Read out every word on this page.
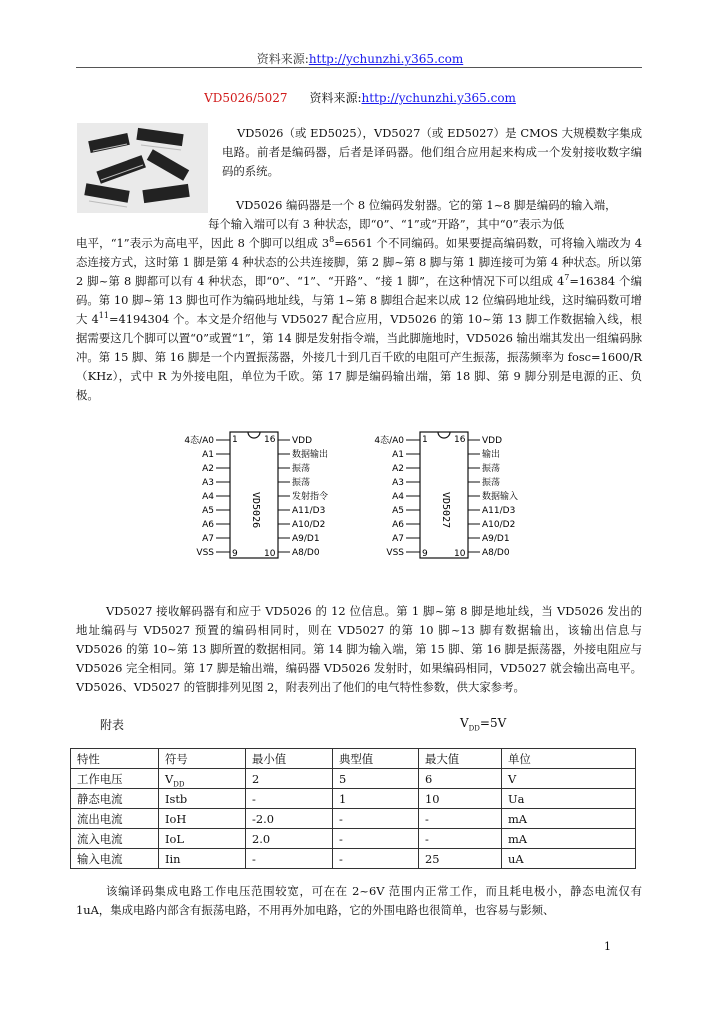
资料来源:http://ychunzhi.y365.com
VD5026/5027 资料来源:http://ychunzhi.y365.com
VD5026（或 ED5025），VD5027（或 ED5027）是 CMOS 大规模数字集成电路。前者是编码器，后者是译码器。他们组合应用起来构成一个发射接收数字编码的系统。
VD5026 编码器是一个 8 位编码发射器。它的第 1~8 脚是编码的输入端，
每个输入端可以有 3 种状态，即“0”、“1”或“开路”，其中“0”表示为低
电平，“1”表示为高电平，因此 8 个脚可以组成 $3^8=6561$ 个不同编码。如果要提高编码数，可将输入端改为 4 态连接方式，这时第 1 脚是第 4 种状态的公共连接脚，第 2 脚~第 8 脚与第 1 脚连接可为第 4 种状态。所以第 2 脚~第 8 脚都可以有 4 种状态，即“0”、“1”、“开路”、“接 1 脚”，在这种情况下可以组成 $4^7=16384$ 个编码。第 10 脚~第 13 脚也可作为编码地址线，与第 1~第 8 脚组合起来以成 12 位编码地址线，这时编码数可增大 $4^{11}=4194304$ 个。本文是介绍他与 VD5027 配合应用，VD5026 的第 10~第 13 脚工作数据输入线，根据需要这几个脚可以置“0”或置“1”，第 14 脚是发射指令端，当此脚施地时，VD5026 输出端其发出一组编码脉冲。第 15 脚、第 16 脚是一个内置振荡器，外接几十到几百千欧的电阻可产生振荡，振荡频率为 fosc=1600/R（KHz），式中 R 为外接电阻，单位为千欧。第 17 脚是编码输出端，第 18 脚、第 9 脚分别是电源的正、负极。
VD5026
1	16
9	10
4态/A0
A1
A2
A3
A4
A5
A6
A7
VSS
VDD
数据输出
振荡
振荡
发射指令
A11/D3
A10/D2
A9/D1
A8/D0
VD5027
1	16
9	10
4态/A0
A1
A2
A3
A4
A5
A6
A7
VSS
VDD
输出
振荡
振荡
数据输入
A11/D3
A10/D2
A9/D1
A8/D0
VD5027 接收解码器有和应于 VD5026 的 12 位信息。第 1 脚~第 8 脚是地址线，当 VD5026 发出的地址编码与 VD5027 预置的编码相同时，则在 VD5027 的第 10 脚~13 脚有数据输出，该输出信息与 VD5026 的第 10~第 13 脚所置的数据相同。第 14 脚为输入端，第 15 脚、第 16 脚是振荡器，外接电阻应与 VD5026 完全相同。第 17 脚是输出端，编码器 VD5026 发射时，如果编码相同，VD5027 就会输出高电平。VD5026、VD5027 的管脚排列见图 2，附表列出了他们的电气特性参数，供大家参考。
附表	$V_{DD}=5V$
特性	符号	最小值	典型值	最大值	单位
工作电压	$V_{DD}$	2	5	6	V
静态电流	Istb	-	1	10	Ua
流出电流	IoH	-2.0	-	-	mA
流入电流	IoL	2.0	-	-	mA
输入电流	Iin	-	-	25	uA
该编译码集成电路工作电压范围较宽，可在在 2~6V 范围内正常工作，而且耗电极小，静态电流仅有 1uA，集成电路内部含有振荡电路，不用再外加电路，它的外围电路也很简单，也容易与影频、
1
